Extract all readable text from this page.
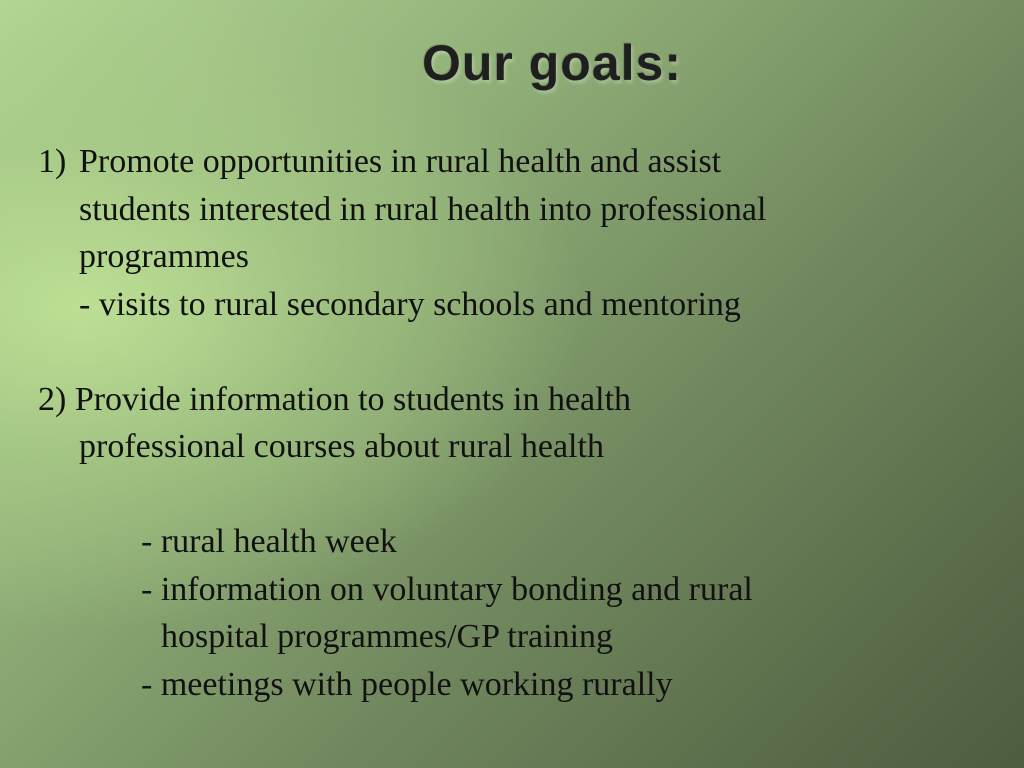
Our goals:
1) Promote opportunities in rural health and assist
students interested in rural health into professional
programmes
- visits to rural secondary schools and mentoring
2) Provide information to students in health
professional courses about rural health
- rural health week
- information on voluntary bonding and rural
hospital programmes/GP training
- meetings with people working rurally
